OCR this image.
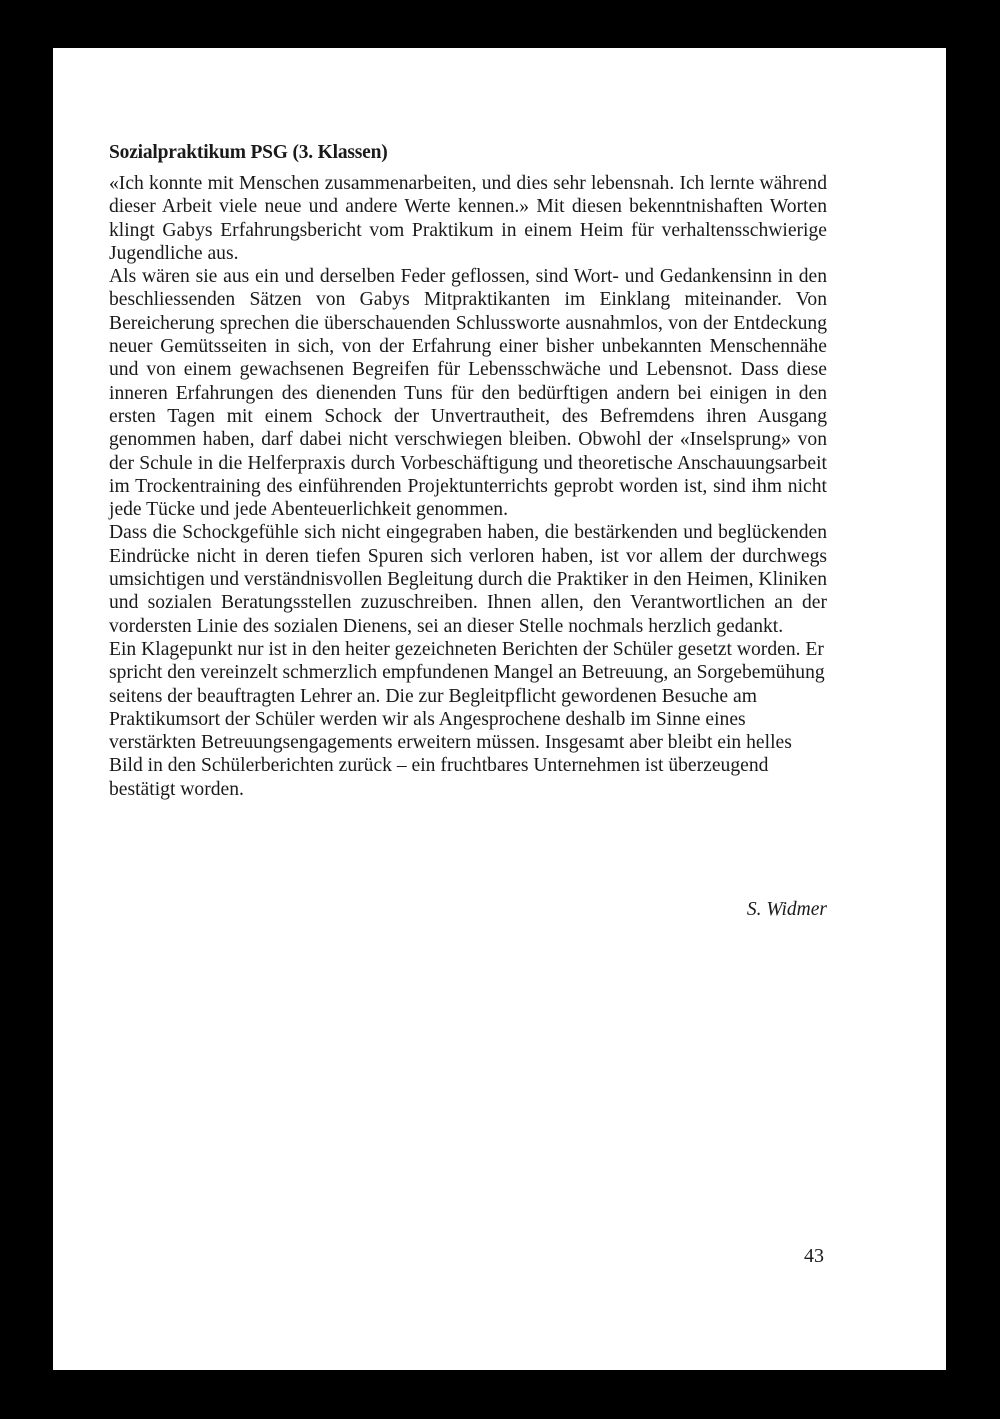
Sozialpraktikum PSG (3. Klassen)

«Ich konnte mit Menschen zusammenarbeiten, und dies sehr lebensnah. Ich lernte während dieser Arbeit viele neue und andere Werte kennen.» Mit diesen bekenntnishaften Worten klingt Gabys Erfahrungsbericht vom Praktikum in einem Heim für verhaltensschwierige Jugendliche aus.

Als wären sie aus ein und derselben Feder geflossen, sind Wort- und Gedankensinn in den beschliessenden Sätzen von Gabys Mitpraktikanten im Einklang miteinander. Von Bereicherung sprechen die überschauenden Schlussworte ausnahmlos, von der Entdeckung neuer Gemütsseiten in sich, von der Erfahrung einer bisher unbekannten Menschennähe und von einem gewachsenen Begreifen für Lebensschwäche und Lebensnot. Dass diese inneren Erfahrungen des dienenden Tuns für den bedürftigen andern bei einigen in den ersten Tagen mit einem Schock der Unvertrautheit, des Befremdens ihren Ausgang genommen haben, darf dabei nicht verschwiegen bleiben. Obwohl der «Inselsprung» von der Schule in die Helferpraxis durch Vorbeschäftigung und theoretische Anschauungsarbeit im Trockentraining des einführenden Projektunterrichts geprobt worden ist, sind ihm nicht jede Tücke und jede Abenteuerlichkeit genommen.

Dass die Schockgefühle sich nicht eingegraben haben, die bestärkenden und beglückenden Eindrücke nicht in deren tiefen Spuren sich verloren haben, ist vor allem der durchwegs umsichtigen und verständnisvollen Begleitung durch die Praktiker in den Heimen, Kliniken und sozialen Beratungsstellen zuzuschreiben. Ihnen allen, den Verantwortlichen an der vordersten Linie des sozialen Dienens, sei an dieser Stelle nochmals herzlich gedankt.

Ein Klagepunkt nur ist in den heiter gezeichneten Berichten der Schüler gesetzt worden. Er spricht den vereinzelt schmerzlich empfundenen Mangel an Betreuung, an Sorgebemühung seitens der beauftragten Lehrer an. Die zur Begleitpflicht gewordenen Besuche am Praktikumsort der Schüler werden wir als Angesprochene deshalb im Sinne eines verstärkten Betreuungsengagements erweitern müssen. Insgesamt aber bleibt ein helles Bild in den Schülerberichten zurück – ein fruchtbares Unternehmen ist überzeugend bestätigt worden.

S. Widmer
43
